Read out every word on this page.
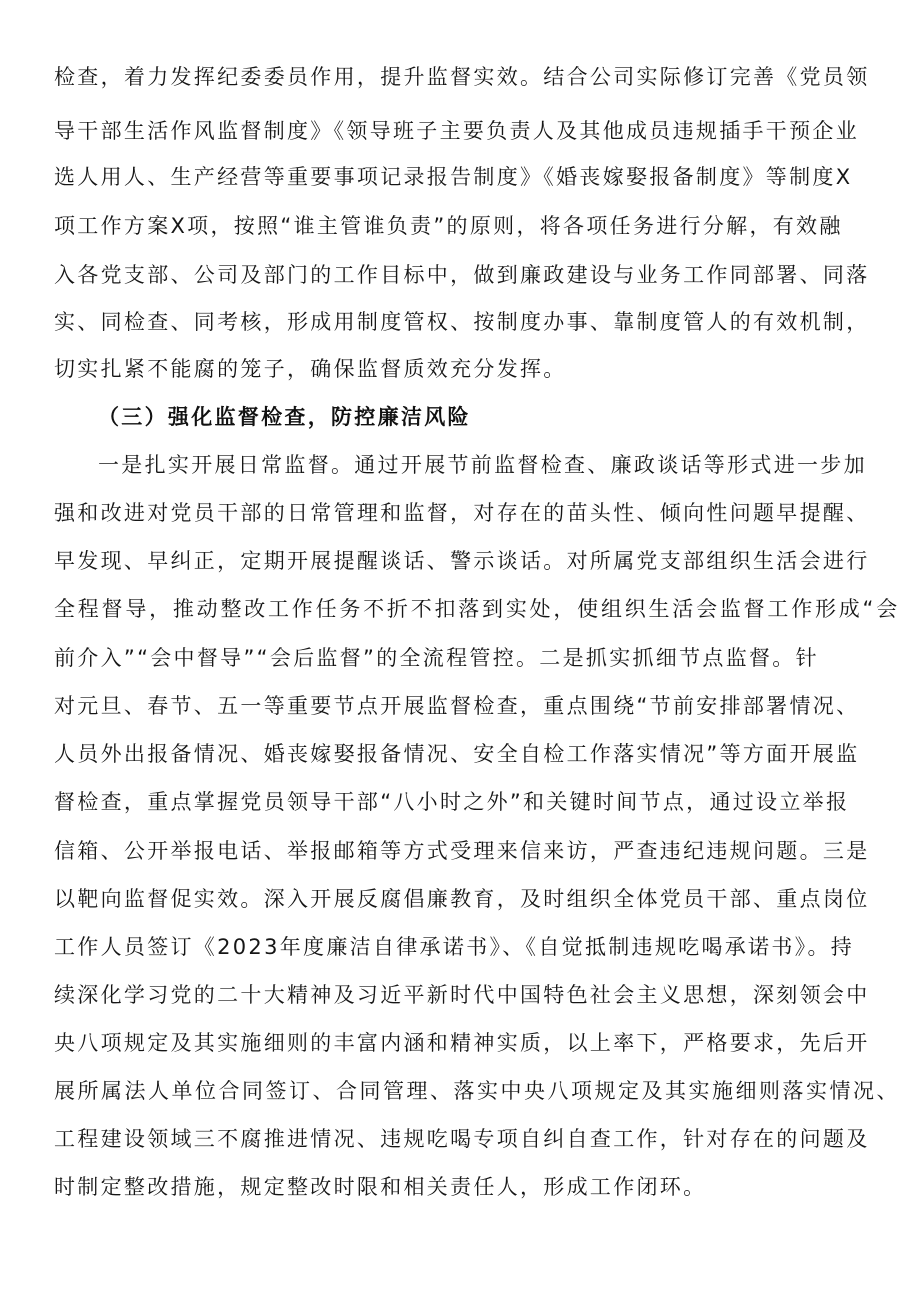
检查，着力发挥纪委委员作用，提升监督实效。结合公司实际修订完善《党员领
导干部生活作风监督制度》《领导班子主要负责人及其他成员违规插手干预企业
选人用人、生产经营等重要事项记录报告制度》《婚丧嫁娶报备制度》等制度X
项工作方案X项，按照“谁主管谁负责”的原则，将各项任务进行分解，有效融
入各党支部、公司及部门的工作目标中，做到廉政建设与业务工作同部署、同落
实、同检查、同考核，形成用制度管权、按制度办事、靠制度管人的有效机制，
切实扎紧不能腐的笼子，确保监督质效充分发挥。
（三）强化监督检查，防控廉洁风险
一是扎实开展日常监督。通过开展节前监督检查、廉政谈话等形式进一步加
强和改进对党员干部的日常管理和监督，对存在的苗头性、倾向性问题早提醒、
早发现、早纠正，定期开展提醒谈话、警示谈话。对所属党支部组织生活会进行
全程督导，推动整改工作任务不折不扣落到实处，使组织生活会监督工作形成“会
前介入”“会中督导”“会后监督”的全流程管控。二是抓实抓细节点监督。针
对元旦、春节、五一等重要节点开展监督检查，重点围绕“节前安排部署情况、
人员外出报备情况、婚丧嫁娶报备情况、安全自检工作落实情况”等方面开展监
督检查，重点掌握党员领导干部“八小时之外”和关键时间节点，通过设立举报
信箱、公开举报电话、举报邮箱等方式受理来信来访，严查违纪违规问题。三是
以靶向监督促实效。深入开展反腐倡廉教育，及时组织全体党员干部、重点岗位
工作人员签订《2023年度廉洁自律承诺书》、《自觉抵制违规吃喝承诺书》。持
续深化学习党的二十大精神及习近平新时代中国特色社会主义思想，深刻领会中
央八项规定及其实施细则的丰富内涵和精神实质，以上率下，严格要求，先后开
展所属法人单位合同签订、合同管理、落实中央八项规定及其实施细则落实情况、
工程建设领域三不腐推进情况、违规吃喝专项自纠自查工作，针对存在的问题及
时制定整改措施，规定整改时限和相关责任人，形成工作闭环。
